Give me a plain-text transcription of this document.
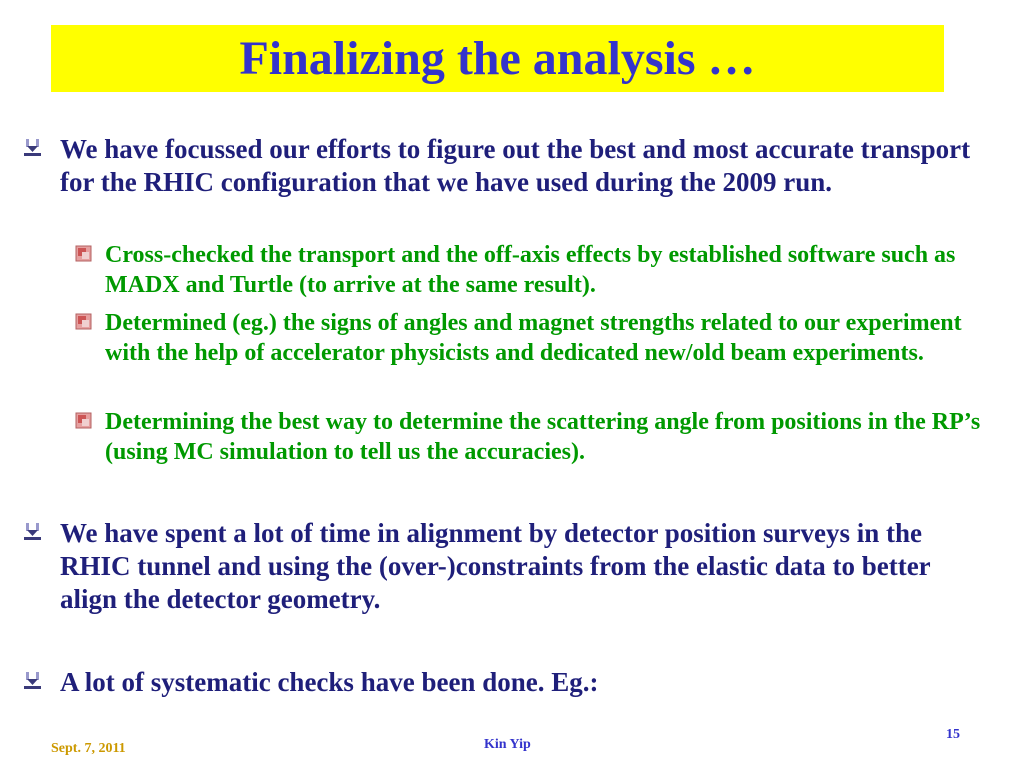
Finalizing the analysis …
We have focussed our efforts to figure out the best and most accurate transport for the RHIC configuration that we have used during the 2009 run.
Cross-checked the transport and the off-axis effects by established software such as MADX and Turtle (to arrive at the same result).
Determined (eg.) the signs of angles and magnet strengths related to our experiment with the help of accelerator physicists and dedicated new/old beam experiments.
Determining the best way to determine the scattering angle from positions in the RP’s (using MC simulation to tell us the accuracies).
We have spent a lot of time in alignment by detector position surveys in the RHIC tunnel and using the (over-)constraints from the elastic data to better align the detector geometry.
A lot of systematic checks have been done. Eg.:
Sept. 7, 2011	Kin Yip
15
